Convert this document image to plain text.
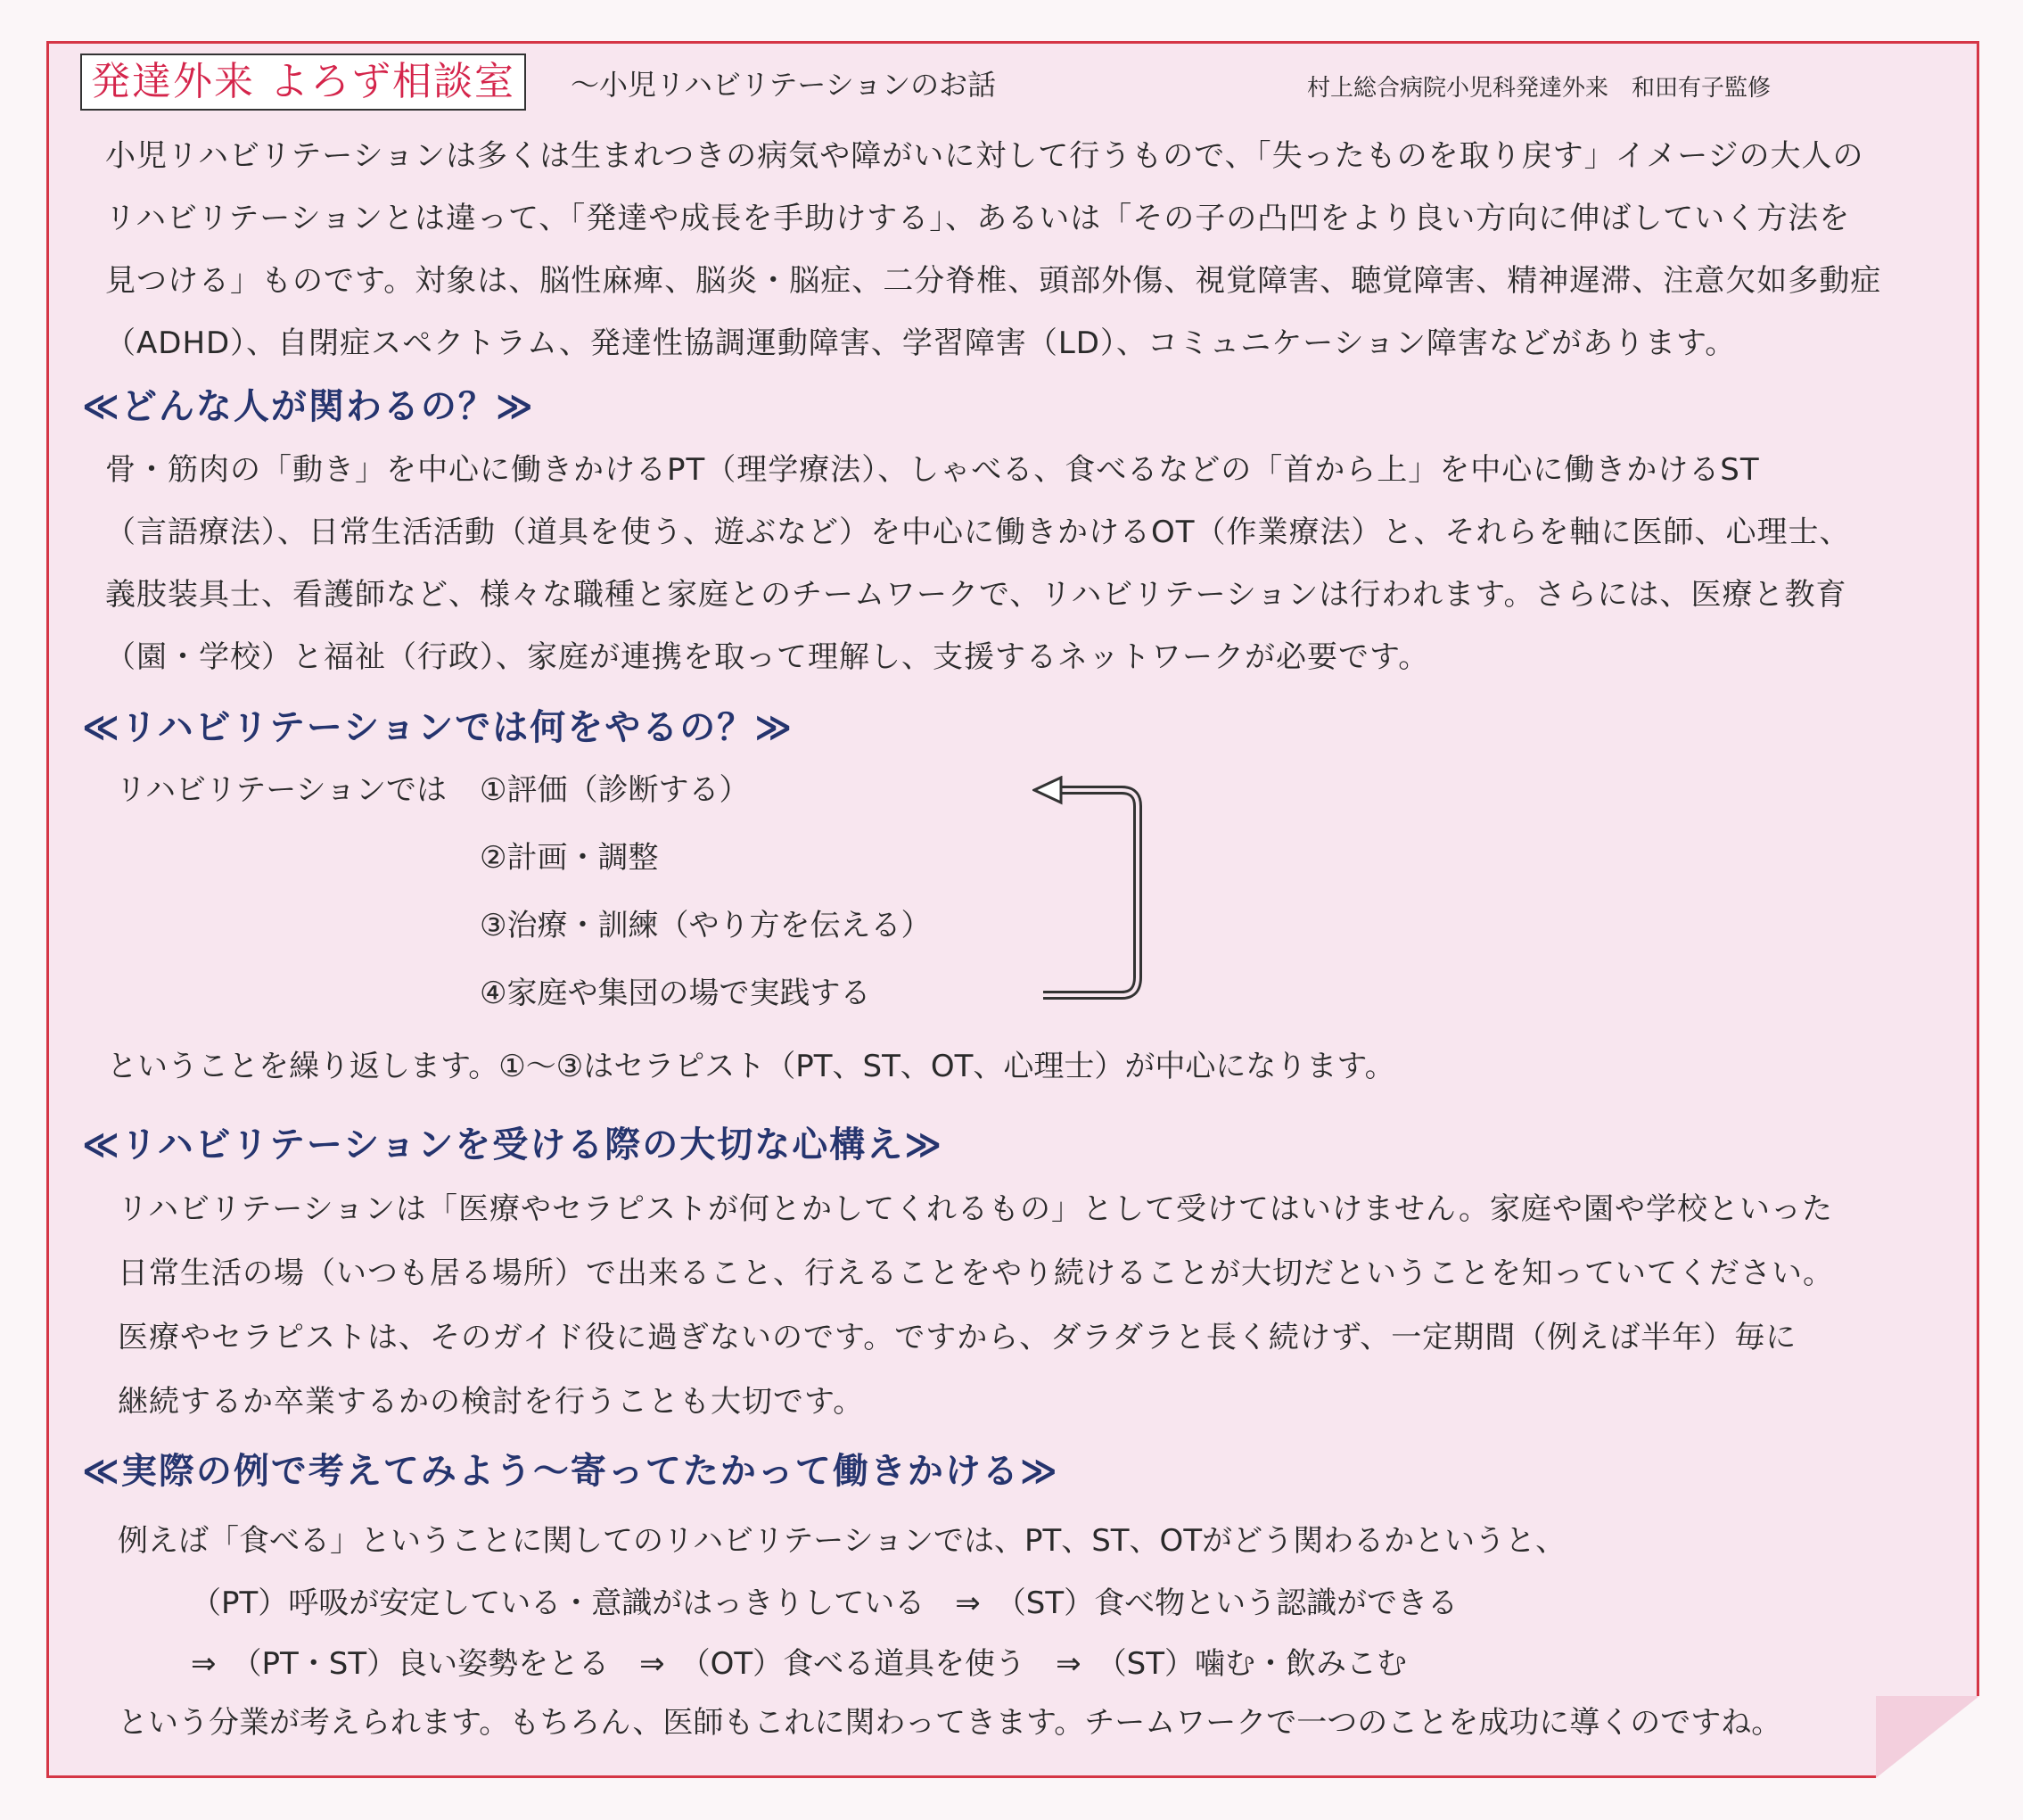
発達外来 よろず相談室	～小児リハビリテーションのお話	村上総合病院小児科発達外来　和田有子監修
小児リハビリテーションは多くは生まれつきの病気や障がいに対して行うもので、「失ったものを取り戻す」イメージの大人の
リハビリテーションとは違って、「発達や成長を手助けする」、あるいは「その子の凸凹をより良い方向に伸ばしていく方法を
見つける」ものです。対象は、脳性麻痺、脳炎・脳症、二分脊椎、頭部外傷、視覚障害、聴覚障害、精神遅滞、注意欠如多動症
（ADHD）、自閉症スペクトラム、発達性協調運動障害、学習障害（LD）、コミュニケーション障害などがあります。
≪どんな人が関わるの？≫
骨・筋肉の「動き」を中心に働きかけるPT（理学療法）、しゃべる、食べるなどの「首から上」を中心に働きかけるST
（言語療法）、日常生活活動（道具を使う、遊ぶなど）を中心に働きかけるOT（作業療法）と、それらを軸に医師、心理士、
義肢装具士、看護師など、様々な職種と家庭とのチームワークで、リハビリテーションは行われます。さらには、医療と教育
（園・学校）と福祉（行政）、家庭が連携を取って理解し、支援するネットワークが必要です。
≪リハビリテーションでは何をやるの？≫
リハビリテーションでは ①評価（診断する）
②計画・調整
③治療・訓練（やり方を伝える）
④家庭や集団の場で実践する
ということを繰り返します。①～③はセラピスト（PT、ST、OT、心理士）が中心になります。
≪リハビリテーションを受ける際の大切な心構え≫
リハビリテーションは「医療やセラピストが何とかしてくれるもの」として受けてはいけません。家庭や園や学校といった
日常生活の場（いつも居る場所）で出来ること、行えることをやり続けることが大切だということを知っていてください。
医療やセラピストは、そのガイド役に過ぎないのです。ですから、ダラダラと長く続けず、一定期間（例えば半年）毎に
継続するか卒業するかの検討を行うことも大切です。
≪実際の例で考えてみよう～寄ってたかって働きかける≫
例えば「食べる」ということに関してのリハビリテーションでは、PT、ST、OTがどう関わるかというと、
（PT）呼吸が安定している・意識がはっきりしている　⇒　（ST）食べ物という認識ができる
⇒　（PT・ST）良い姿勢をとる　⇒　（OT）食べる道具を使う　⇒　（ST）噛む・飲みこむ
という分業が考えられます。もちろん、医師もこれに関わってきます。チームワークで一つのことを成功に導くのですね。
